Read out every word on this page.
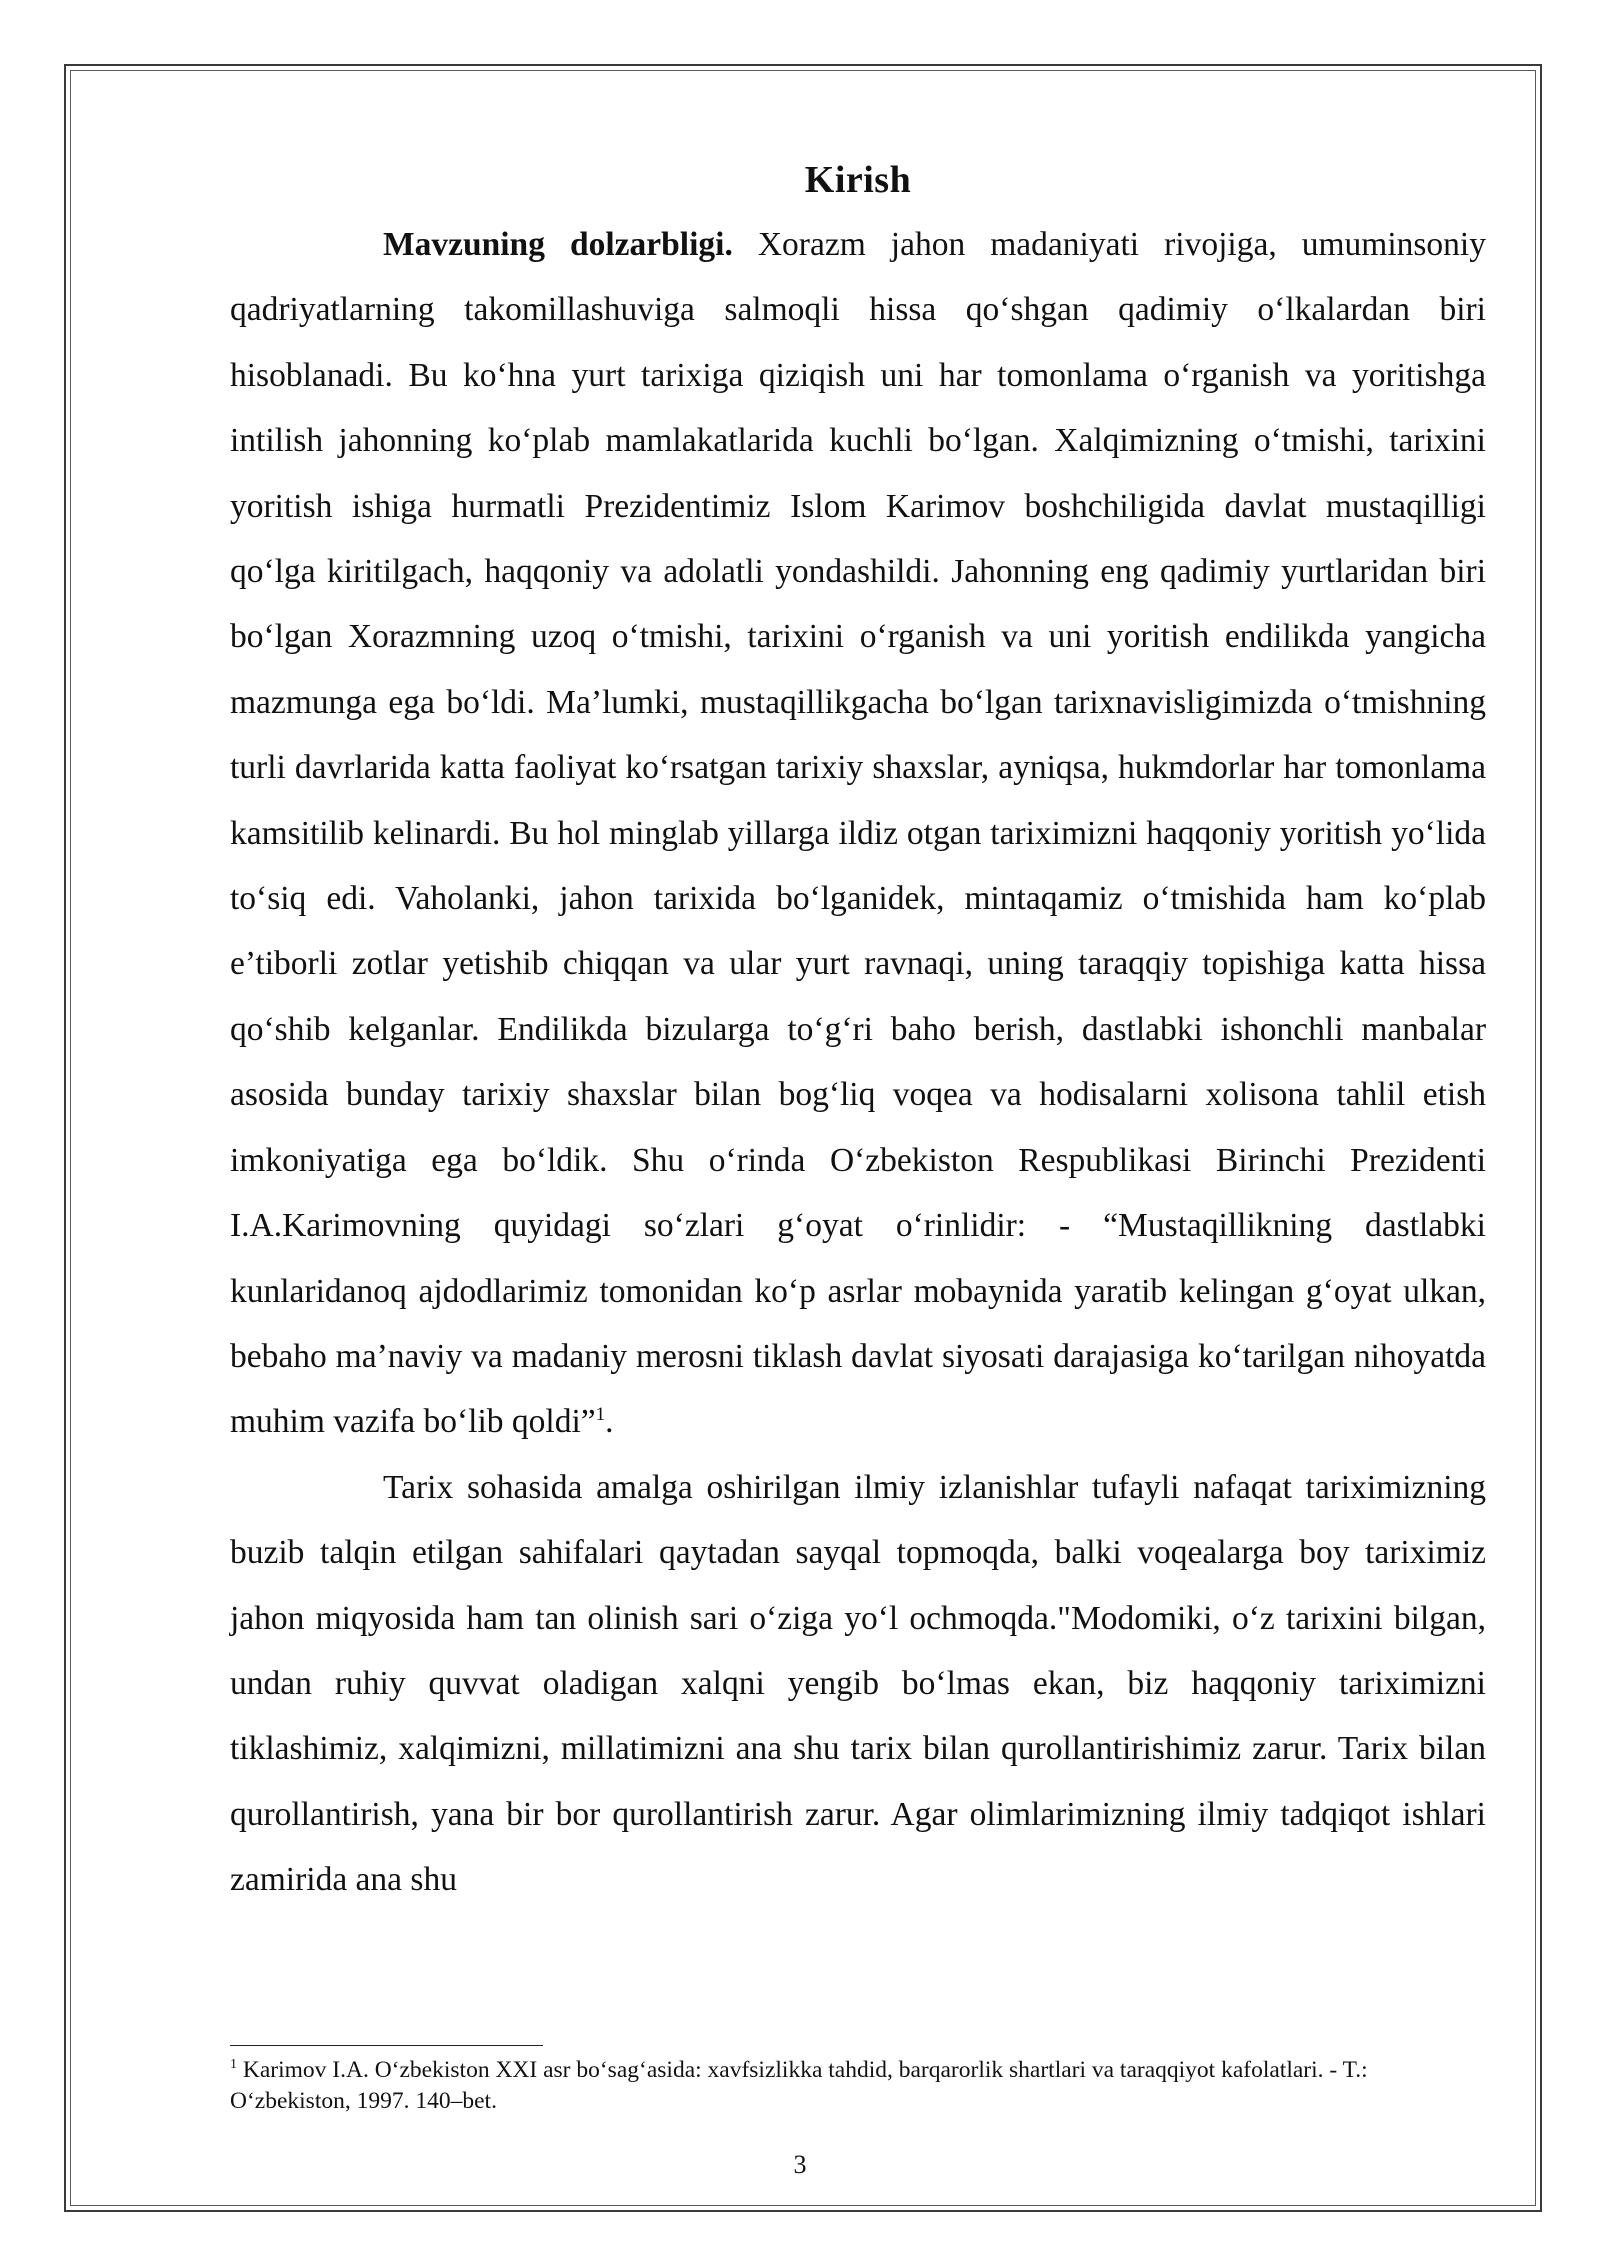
Kirish

Mavzuning dolzarbligi. Xorazm jahon madaniyati rivojiga, umuminsoniy qadriyatlarning takomillashuviga salmoqli hissa qo‘shgan qadimiy o‘lkalardan biri hisoblanadi. Bu ko‘hna yurt tarixiga qiziqish uni har tomonlama o‘rganish va yoritishga intilish jahonning ko‘plab mamlakatlarida kuchli bo‘lgan. Xalqimizning o‘tmishi, tarixini yoritish ishiga hurmatli Prezidentimiz Islom Karimov boshchiligida davlat mustaqilligi qo‘lga kiritilgach, haqqoniy va adolatli yondashildi. Jahonning eng qadimiy yurtlaridan biri bo‘lgan Xorazmning uzoq o‘tmishi, tarixini o‘rganish va uni yoritish endilikda yangicha mazmunga ega bo‘ldi. Ma’lumki, mustaqillikgacha bo‘lgan tarixnavisligimizda o‘tmishning turli davrlarida katta faoliyat ko‘rsatgan tarixiy shaxslar, ayniqsa, hukmdorlar har tomonlama kamsitilib kelinardi. Bu hol minglab yillarga ildiz otgan tariximizni haqqoniy yoritish yo‘lida to‘siq edi. Vaholanki, jahon tarixida bo‘lganidek, mintaqamiz o‘tmishida ham ko‘plab e’tiborli zotlar yetishib chiqqan va ular yurt ravnaqi, uning taraqqiy topishiga katta hissa qo‘shib kelganlar. Endilikda bizularga to‘g‘ri baho berish, dastlabki ishonchli manbalar asosida bunday tarixiy shaxslar bilan bog‘liq voqea va hodisalarni xolisona tahlil etish imkoniyatiga ega bo‘ldik. Shu o‘rinda O‘zbekiston Respublikasi Birinchi Prezidenti I.A.Karimovning quyidagi so‘zlari g‘oyat o‘rinlidir: - “Mustaqillikning dastlabki kunlaridanoq ajdodlarimiz tomonidan ko‘p asrlar mobaynida yaratib kelingan g‘oyat ulkan, bebaho ma’naviy va madaniy merosni tiklash davlat siyosati darajasiga ko‘tarilgan nihoyatda muhim vazifa bo‘lib qoldi”$^1$.

Tarix sohasida amalga oshirilgan ilmiy izlanishlar tufayli nafaqat tariximizning buzib talqin etilgan sahifalari qaytadan sayqal topmoqda, balki voqealarga boy tariximiz jahon miqyosida ham tan olinish sari o‘ziga yo‘l ochmoqda."Modomiki, o‘z tarixini bilgan, undan ruhiy quvvat oladigan xalqni yengib bo‘lmas ekan, biz haqqoniy tariximizni tiklashimiz, xalqimizni, millatimizni ana shu tarix bilan qurollantirishimiz zarur. Tarix bilan qurollantirish, yana bir bor qurollantirish zarur. Agar olimlarimizning ilmiy tadqiqot ishlari zamirida ana shu

$^1$ Karimov I.A. O‘zbekiston XXI asr bo‘sag‘asida: xavfsizlikka tahdid, barqarorlik shartlari va taraqqiyot kafolatlari. - T.: O‘zbekiston, 1997. 140–bet.

3
